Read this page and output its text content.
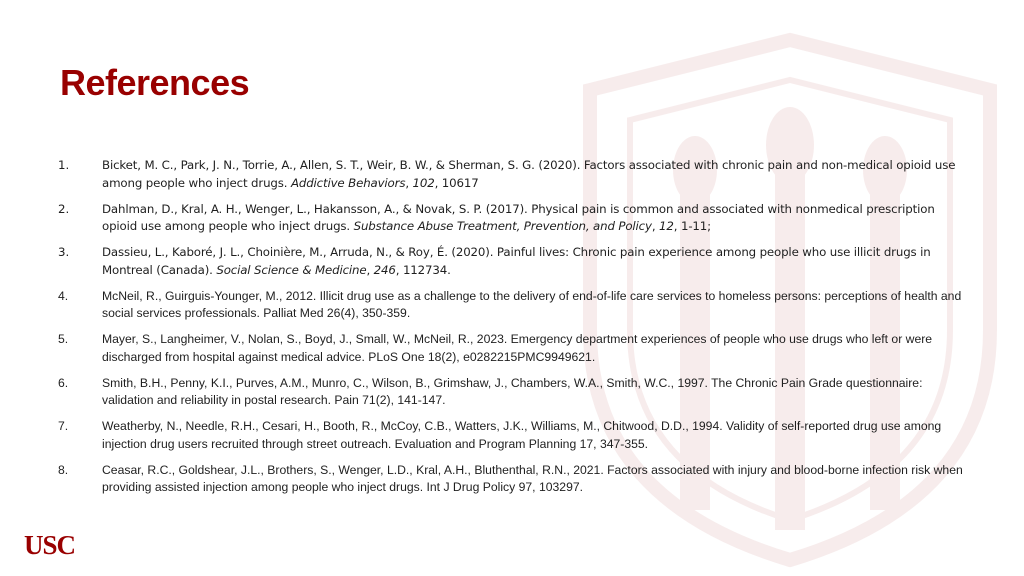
References
1.	Bicket, M. C., Park, J. N., Torrie, A., Allen, S. T., Weir, B. W., & Sherman, S. G. (2020). Factors associated with chronic pain and non-medical opioid use among people who inject drugs. Addictive Behaviors, 102, 10617
2.	Dahlman, D., Kral, A. H., Wenger, L., Hakansson, A., & Novak, S. P. (2017). Physical pain is common and associated with nonmedical prescription opioid use among people who inject drugs. Substance Abuse Treatment, Prevention, and Policy, 12, 1-11;
3.	Dassieu, L., Kaboré, J. L., Choinière, M., Arruda, N., & Roy, É. (2020). Painful lives: Chronic pain experience among people who use illicit drugs in Montreal (Canada). Social Science & Medicine, 246, 112734.
4.	McNeil, R., Guirguis-Younger, M., 2012. Illicit drug use as a challenge to the delivery of end-of-life care services to homeless persons: perceptions of health and social services professionals. Palliat Med 26(4), 350-359.
5.	Mayer, S., Langheimer, V., Nolan, S., Boyd, J., Small, W., McNeil, R., 2023. Emergency department experiences of people who use drugs who left or were discharged from hospital against medical advice. PLoS One 18(2), e0282215PMC9949621.
6.	Smith, B.H., Penny, K.I., Purves, A.M., Munro, C., Wilson, B., Grimshaw, J., Chambers, W.A., Smith, W.C., 1997. The Chronic Pain Grade questionnaire: validation and reliability in postal research. Pain 71(2), 141-147.
7.	Weatherby, N., Needle, R.H., Cesari, H., Booth, R., McCoy, C.B., Watters, J.K., Williams, M., Chitwood, D.D., 1994. Validity of self-reported drug use among injection drug users recruited through street outreach. Evaluation and Program Planning 17, 347-355.
8.	Ceasar, R.C., Goldshear, J.L., Brothers, S., Wenger, L.D., Kral, A.H., Bluthenthal, R.N., 2021. Factors associated with injury and blood-borne infection risk when providing assisted injection among people who inject drugs. Int J Drug Policy 97, 103297.
USC
